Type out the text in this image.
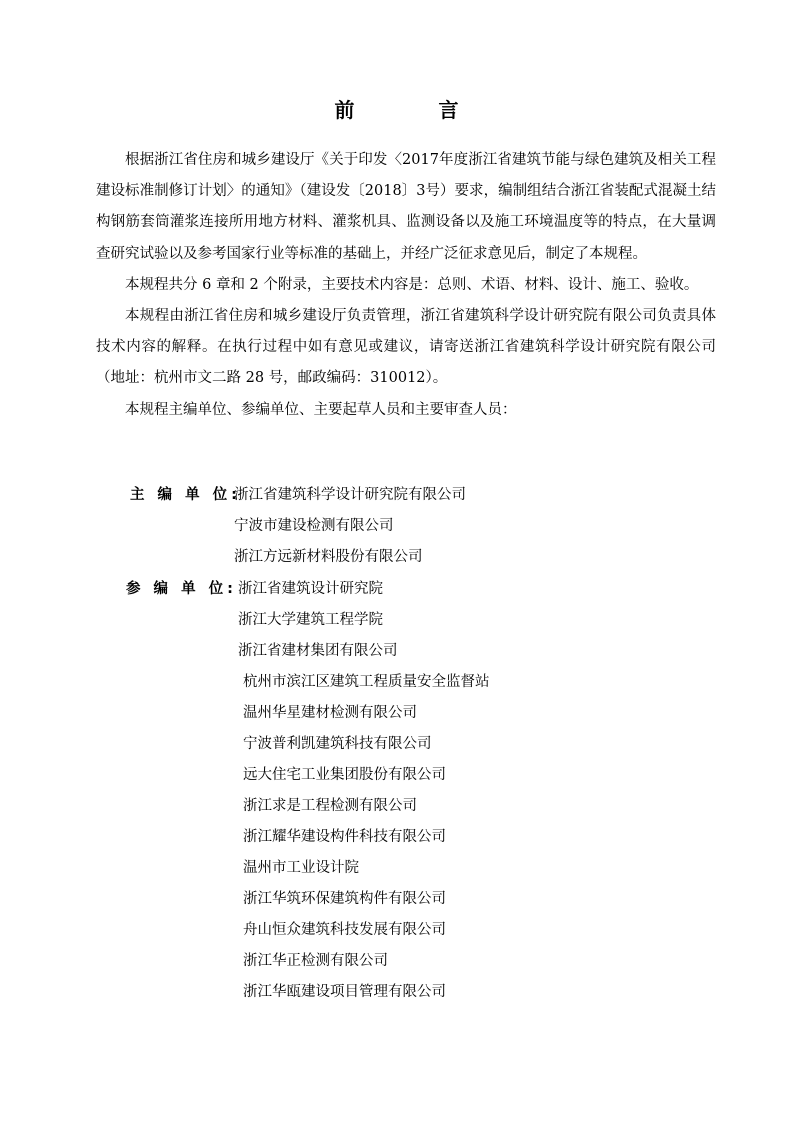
前　言

根据浙江省住房和城乡建设厅《关于印发〈2017年度浙江省建筑节能与绿色建筑及相关工程建设标准制修订计划〉的通知》（建设发〔2018〕3号）要求，编制组结合浙江省装配式混凝土结构钢筋套筒灌浆连接所用地方材料、灌浆机具、监测设备以及施工环境温度等的特点，在大量调查研究试验以及参考国家行业等标准的基础上，并经广泛征求意见后，制定了本规程。

本规程共分 6 章和 2 个附录，主要技术内容是：总则、术语、材料、设计、施工、验收。

本规程由浙江省住房和城乡建设厅负责管理，浙江省建筑科学设计研究院有限公司负责具体技术内容的解释。在执行过程中如有意见或建议，请寄送浙江省建筑科学设计研究院有限公司（地址：杭州市文二路 28 号，邮政编码：310012）。

本规程主编单位、参编单位、主要起草人员和主要审查人员：

主 编 单 位:
浙江省建筑科学设计研究院有限公司
宁波市建设检测有限公司
浙江方远新材料股份有限公司
参 编 单 位: 浙江省建筑设计研究院
浙江大学建筑工程学院
浙江省建材集团有限公司
杭州市滨江区建筑工程质量安全监督站
温州华星建材检测有限公司
宁波普利凯建筑科技有限公司
远大住宅工业集团股份有限公司
浙江求是工程检测有限公司
浙江耀华建设构件科技有限公司
温州市工业设计院
浙江华筑环保建筑构件有限公司
舟山恒众建筑科技发展有限公司
浙江华正检测有限公司
浙江华瓯建设项目管理有限公司
